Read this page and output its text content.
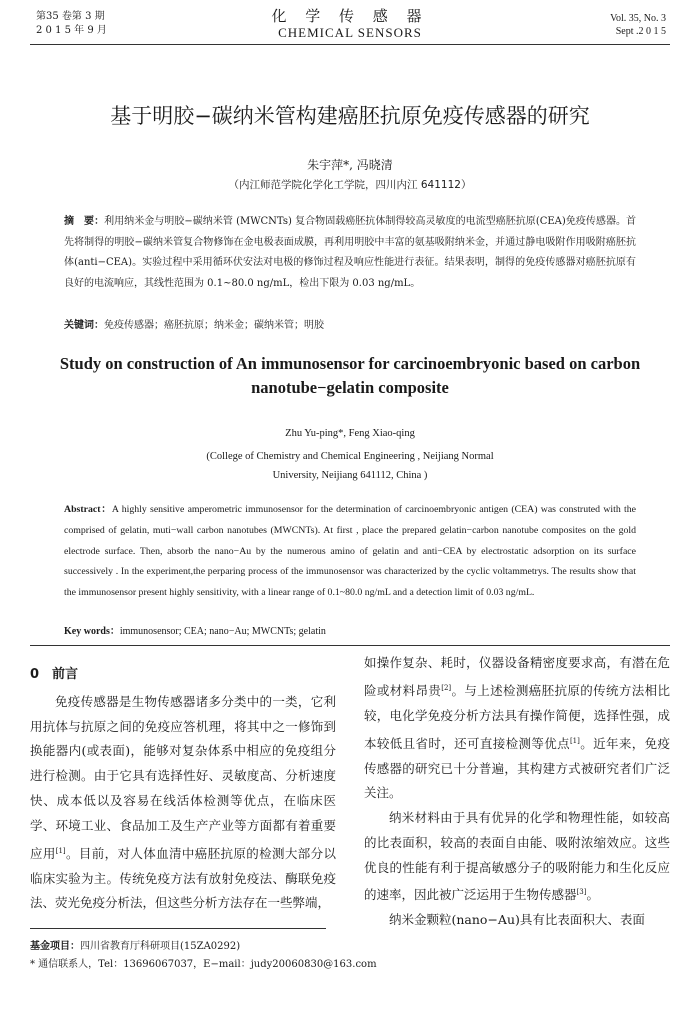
第35 卷第 3 期
2 0 1 5 年 9 月
化 学 传 感 器
CHEMICAL SENSORS
Vol. 35, No. 3
Sept .2 0 1 5
基于明胶−碳纳米管构建癌胚抗原免疫传感器的研究
朱宇萍*, 冯晓清
（内江师范学院化学化工学院，四川内江 641112）
摘　要：利用纳米金与明胶−碳纳米管 (MWCNTs) 复合物固载癌胚抗体制得较高灵敏度的电流型癌胚抗原(CEA)免疫传感器。首先将制得的明胶−碳纳米管复合物修饰在金电极表面成膜，再利用明胶中丰富的氨基吸附纳米金，并通过静电吸附作用吸附癌胚抗体(anti−CEA)。实验过程中采用循环伏安法对电极的修饰过程及响应性能进行表征。结果表明，制得的免疫传感器对癌胚抗原有良好的电流响应，其线性范围为 0.1~80.0 ng/mL，检出下限为 0.03 ng/mL。
关键词：免疫传感器；癌胚抗原；纳米金；碳纳米管；明胶
Study on construction of An immunosensor for carcinoembryonic based on carbon nanotube−gelatin composite
Zhu Yu-ping*, Feng Xiao-qing
(College of Chemistry and Chemical Engineering , Neijiang Normal
University, Neijiang 641112, China )
Abstract：A highly sensitive amperometric immunosensor for the determination of carcinoembryonic antigen (CEA) was construted with the comprised of gelatin, muti−wall carbon nanotubes (MWCNTs). At first , place the prepared gelatin−carbon nanotube composites on the gold electrode surface. Then, absorb the nano−Au by the numerous amino of gelatin and anti−CEA by electrostatic adsorption on its surface successively . In the experiment,the perparing process of the immunosensor was characterized by the cyclic voltammetrys. The results show that the immunosensor present highly sensitivity, with a linear range of 0.1~80.0 ng/mL and a detection limit of 0.03 ng/mL.
Key words：immunosensor; CEA; nano−Au; MWCNTs; gelatin
0　前言

免疫传感器是生物传感器诸多分类中的一类，它利用抗体与抗原之间的免疫应答机理，将其中之一修饰到换能器内(或表面)，能够对复杂体系中相应的免疫组分进行检测。由于它具有选择性好、灵敏度高、分析速度快、成本低以及容易在线活体检测等优点，在临床医学、环境工业、食品加工及生产产业等方面都有着重要应用[1]。目前，对人体血清中癌胚抗原的检测大部分以临床实验为主。传统免疫方法有放射免疫法、酶联免疫法、荧光免疫分析法，但这些分析方法存在一些弊端，

如操作复杂、耗时，仪器设备精密度要求高，有潜在危险或材料昂贵[2]。与上述检测癌胚抗原的传统方法相比较，电化学免疫分析方法具有操作简便，选择性强，成本较低且省时，还可直接检测等优点[1]。近年来，免疫传感器的研究已十分普遍，其构建方式被研究者们广泛关注。

纳米材料由于具有优异的化学和物理性能，如较高的比表面积，较高的表面自由能、吸附浓缩效应。这些优良的性能有利于提高敏感分子的吸附能力和生化反应的速率，因此被广泛运用于生物传感器[3]。

纳米金颗粒(nano−Au)具有比表面积大、表面

基金项目：四川省教育厅科研项目(15ZA0292)
* 通信联系人，Tel：13696067037，E−mail：judy20060830@163.com
